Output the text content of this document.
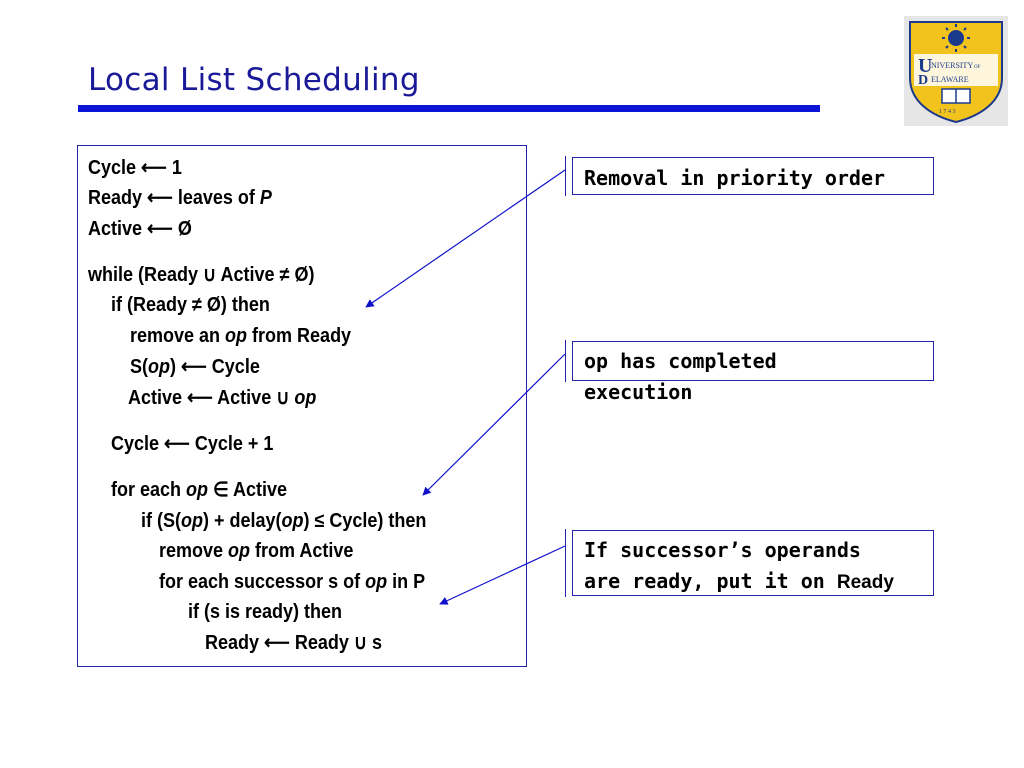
Local List Scheduling	U
NIVERSITY OF
D ELAWARE
1 7 4 3
Cycle ⟵ 1
Ready ⟵ leaves of P
Active ⟵ Ø
while (Ready ∪ Active ≠ Ø)
if (Ready ≠ Ø) then
remove an op from Ready
S(op) ⟵ Cycle
Active ⟵ Active ∪ op
Cycle ⟵ Cycle + 1
for each op ∈ Active
if (S(op) + delay(op) ≤ Cycle) then
remove op from Active
for each successor s of op in P
if (s is ready) then
Ready ⟵ Ready ∪ s
Removal in priority order
op has completed
execution
If successor’s operands
are ready, put it on Ready
